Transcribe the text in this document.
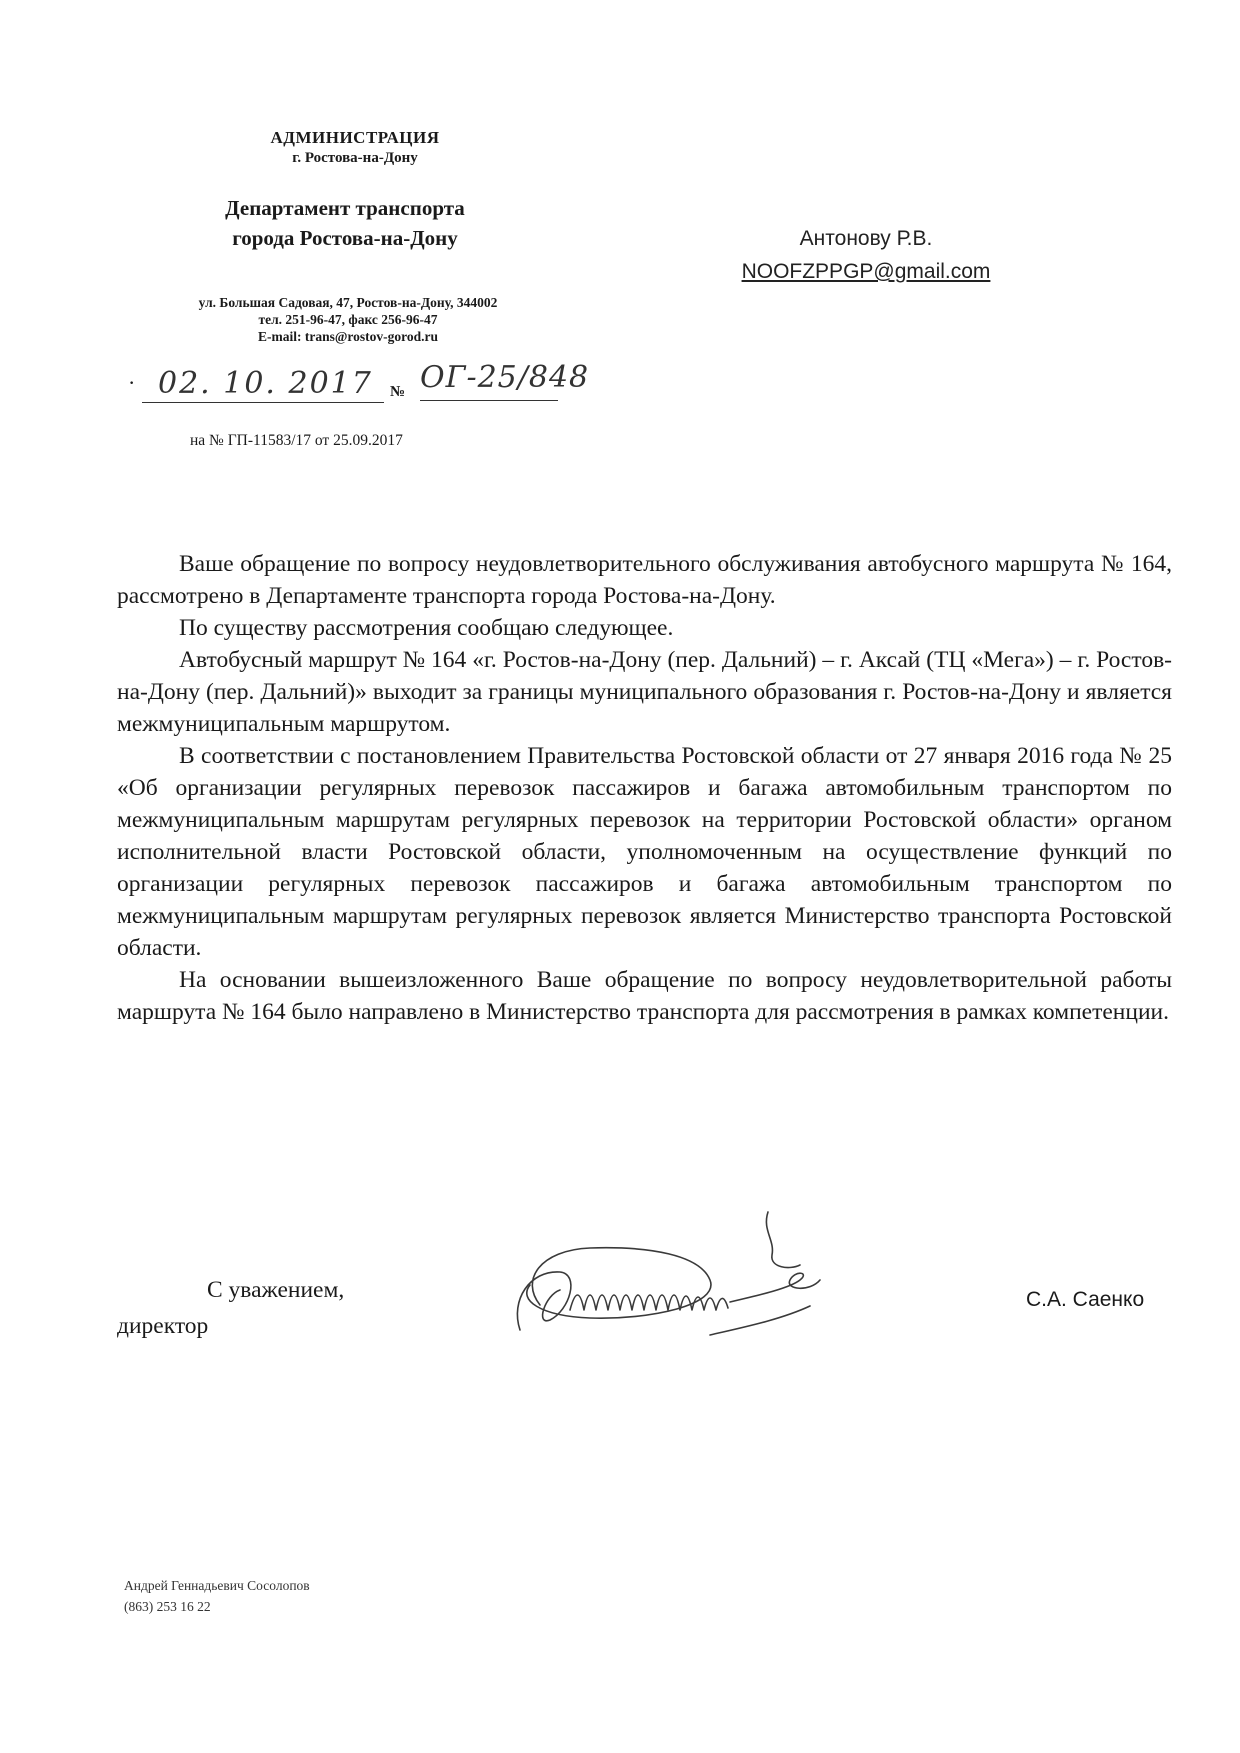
АДМИНИСТРАЦИЯ
г. Ростова-на-Дону
Департамент транспорта
города Ростова-на-Дону
ул. Большая Садовая, 47, Ростов-на-Дону, 344002
тел. 251-96-47, факс 256-96-47
E-mail: trans@rostov-gorod.ru
· 02. 10. 2017 № ОГ-25/848
на № ГП-11583/17 от 25.09.2017
Антонову Р.В.
NOOFZPPGP@gmail.com

Ваше обращение по вопросу неудовлетворительного обслуживания автобусного маршрута № 164, рассмотрено в Департаменте транспорта города Ростова-на-Дону.

По существу рассмотрения сообщаю следующее.

Автобусный маршрут № 164 «г. Ростов-на-Дону (пер. Дальний) – г. Аксай (ТЦ «Мега») – г. Ростов-на-Дону (пер. Дальний)» выходит за границы муниципального образования г. Ростов-на-Дону и является межмуниципальным маршрутом.

В соответствии с постановлением Правительства Ростовской области от 27 января 2016 года № 25 «Об организации регулярных перевозок пассажиров и багажа автомобильным транспортом по межмуниципальным маршрутам регулярных перевозок на территории Ростовской области» органом исполнительной власти Ростовской области, уполномоченным на осуществление функций по организации регулярных перевозок пассажиров и багажа автомобильным транспортом по межмуниципальным маршрутам регулярных перевозок является Министерство транспорта Ростовской области.

На основании вышеизложенного Ваше обращение по вопросу неудовлетворительной работы маршрута № 164 было направлено в Министерство транспорта для рассмотрения в рамках компетенции.

С уважением,
директор
С.А. Саенко
Андрей Геннадьевич Сосолопов
(863) 253 16 22
